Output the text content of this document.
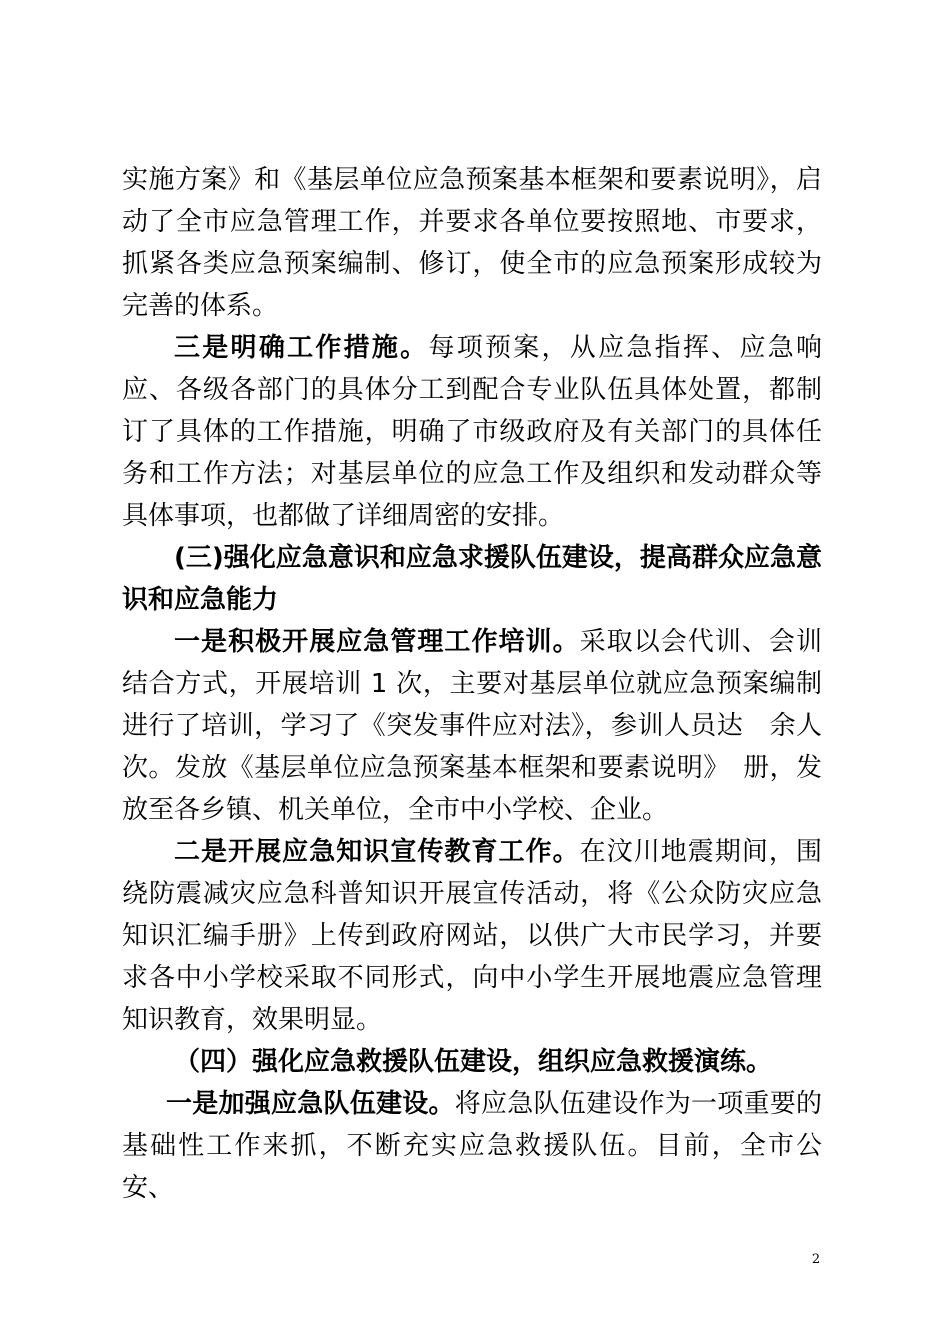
实施方案》和《基层单位应急预案基本框架和要素说明》，启动了全市应急管理工作，并要求各单位要按照地、市要求，抓紧各类应急预案编制、修订，使全市的应急预案形成较为完善的体系。

三是明确工作措施。每项预案，从应急指挥、应急响应、各级各部门的具体分工到配合专业队伍具体处置，都制订了具体的工作措施，明确了市级政府及有关部门的具体任务和工作方法；对基层单位的应急工作及组织和发动群众等具体事项，也都做了详细周密的安排。

(三)强化应急意识和应急求援队伍建设，提高群众应急意识和应急能力

一是积极开展应急管理工作培训。采取以会代训、会训结合方式，开展培训 1 次，主要对基层单位就应急预案编制进行了培训，学习了《突发事件应对法》，参训人员达　余人次。发放《基层单位应急预案基本框架和要素说明》　册，发放至各乡镇、机关单位，全市中小学校、企业。

二是开展应急知识宣传教育工作。在汶川地震期间，围绕防震减灾应急科普知识开展宣传活动，将《公众防灾应急知识汇编手册》上传到政府网站，以供广大市民学习，并要求各中小学校采取不同形式，向中小学生开展地震应急管理知识教育，效果明显。

（四）强化应急救援队伍建设，组织应急救援演练。

一是加强应急队伍建设。将应急队伍建设作为一项重要的基础性工作来抓，不断充实应急救援队伍。目前，全市公安、

2
